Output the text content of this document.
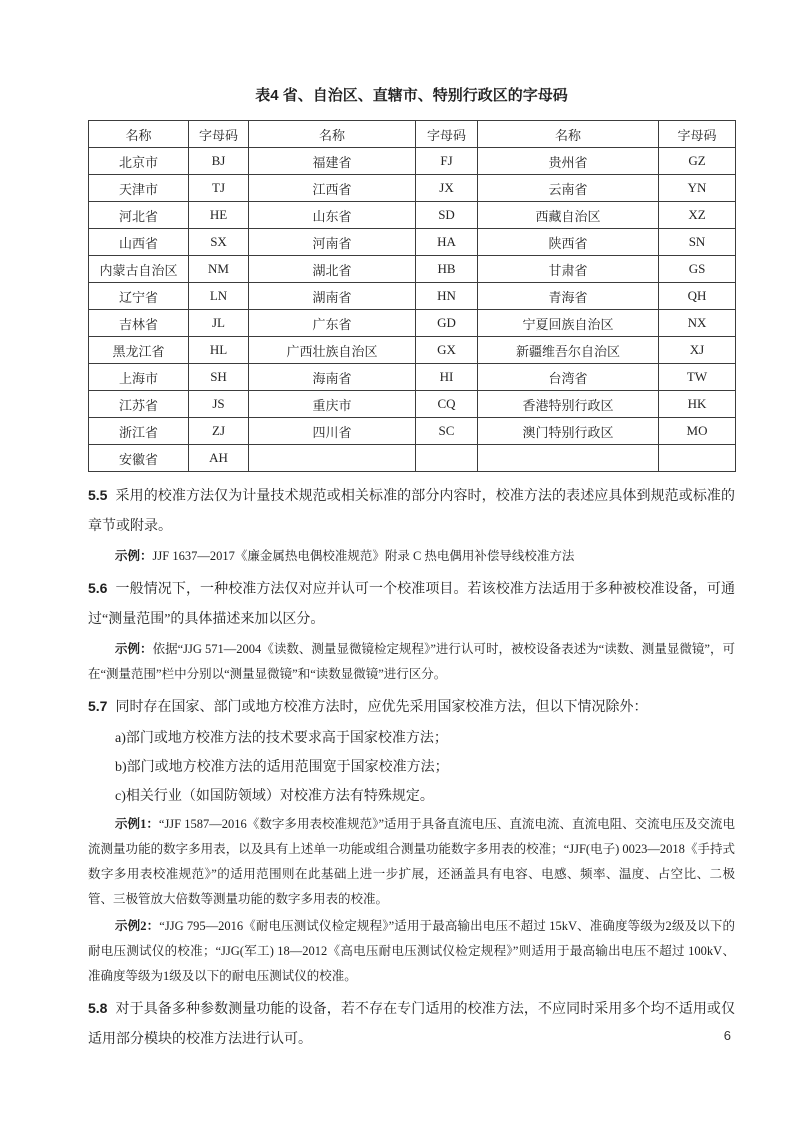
表4 省、自治区、直辖市、特别行政区的字母码
名称	字母码	名称	字母码	名称	字母码
北京市	BJ	福建省	FJ	贵州省	GZ
天津市	TJ	江西省	JX	云南省	YN
河北省	HE	山东省	SD	西藏自治区	XZ
山西省	SX	河南省	HA	陕西省	SN
内蒙古自治区	NM	湖北省	HB	甘肃省	GS
辽宁省	LN	湖南省	HN	青海省	QH
吉林省	JL	广东省	GD	宁夏回族自治区	NX
黑龙江省	HL	广西壮族自治区	GX	新疆维吾尔自治区	XJ
上海市	SH	海南省	HI	台湾省	TW
江苏省	JS	重庆市	CQ	香港特别行政区	HK
浙江省	ZJ	四川省	SC	澳门特别行政区	MO
安徽省	AH				
5.5 采用的校准方法仅为计量技术规范或相关标准的部分内容时，校准方法的表述应具体到规范或标准的章节或附录。
示例：JJF 1637—2017《廉金属热电偶校准规范》附录 C 热电偶用补偿导线校准方法
5.6 一般情况下，一种校准方法仅对应并认可一个校准项目。若该校准方法适用于多种被校准设备，可通过“测量范围”的具体描述来加以区分。
示例：依据“JJG 571—2004《读数、测量显微镜检定规程》”进行认可时，被校设备表述为“读数、测量显微镜”，可在“测量范围”栏中分别以“测量显微镜”和“读数显微镜”进行区分。
5.7 同时存在国家、部门或地方校准方法时，应优先采用国家校准方法，但以下情况除外：
a)部门或地方校准方法的技术要求高于国家校准方法；
b)部门或地方校准方法的适用范围宽于国家校准方法；
c)相关行业（如国防领域）对校准方法有特殊规定。
示例1：“JJF 1587—2016《数字多用表校准规范》”适用于具备直流电压、直流电流、直流电阻、交流电压及交流电流测量功能的数字多用表，以及具有上述单一功能或组合测量功能数字多用表的校准；“JJF(电子) 0023—2018《手持式数字多用表校准规范》”的适用范围则在此基础上进一步扩展，还涵盖具有电容、电感、频率、温度、占空比、二极管、三极管放大倍数等测量功能的数字多用表的校准。
示例2：“JJG 795—2016《耐电压测试仪检定规程》”适用于最高输出电压不超过 15kV、准确度等级为2级及以下的耐电压测试仪的校准；“JJG(军工) 18—2012《高电压耐电压测试仪检定规程》”则适用于最高输出电压不超过 100kV、准确度等级为1级及以下的耐电压测试仪的校准。
5.8 对于具备多种参数测量功能的设备，若不存在专门适用的校准方法，不应同时采用多个均不适用或仅适用部分模块的校准方法进行认可。	6
